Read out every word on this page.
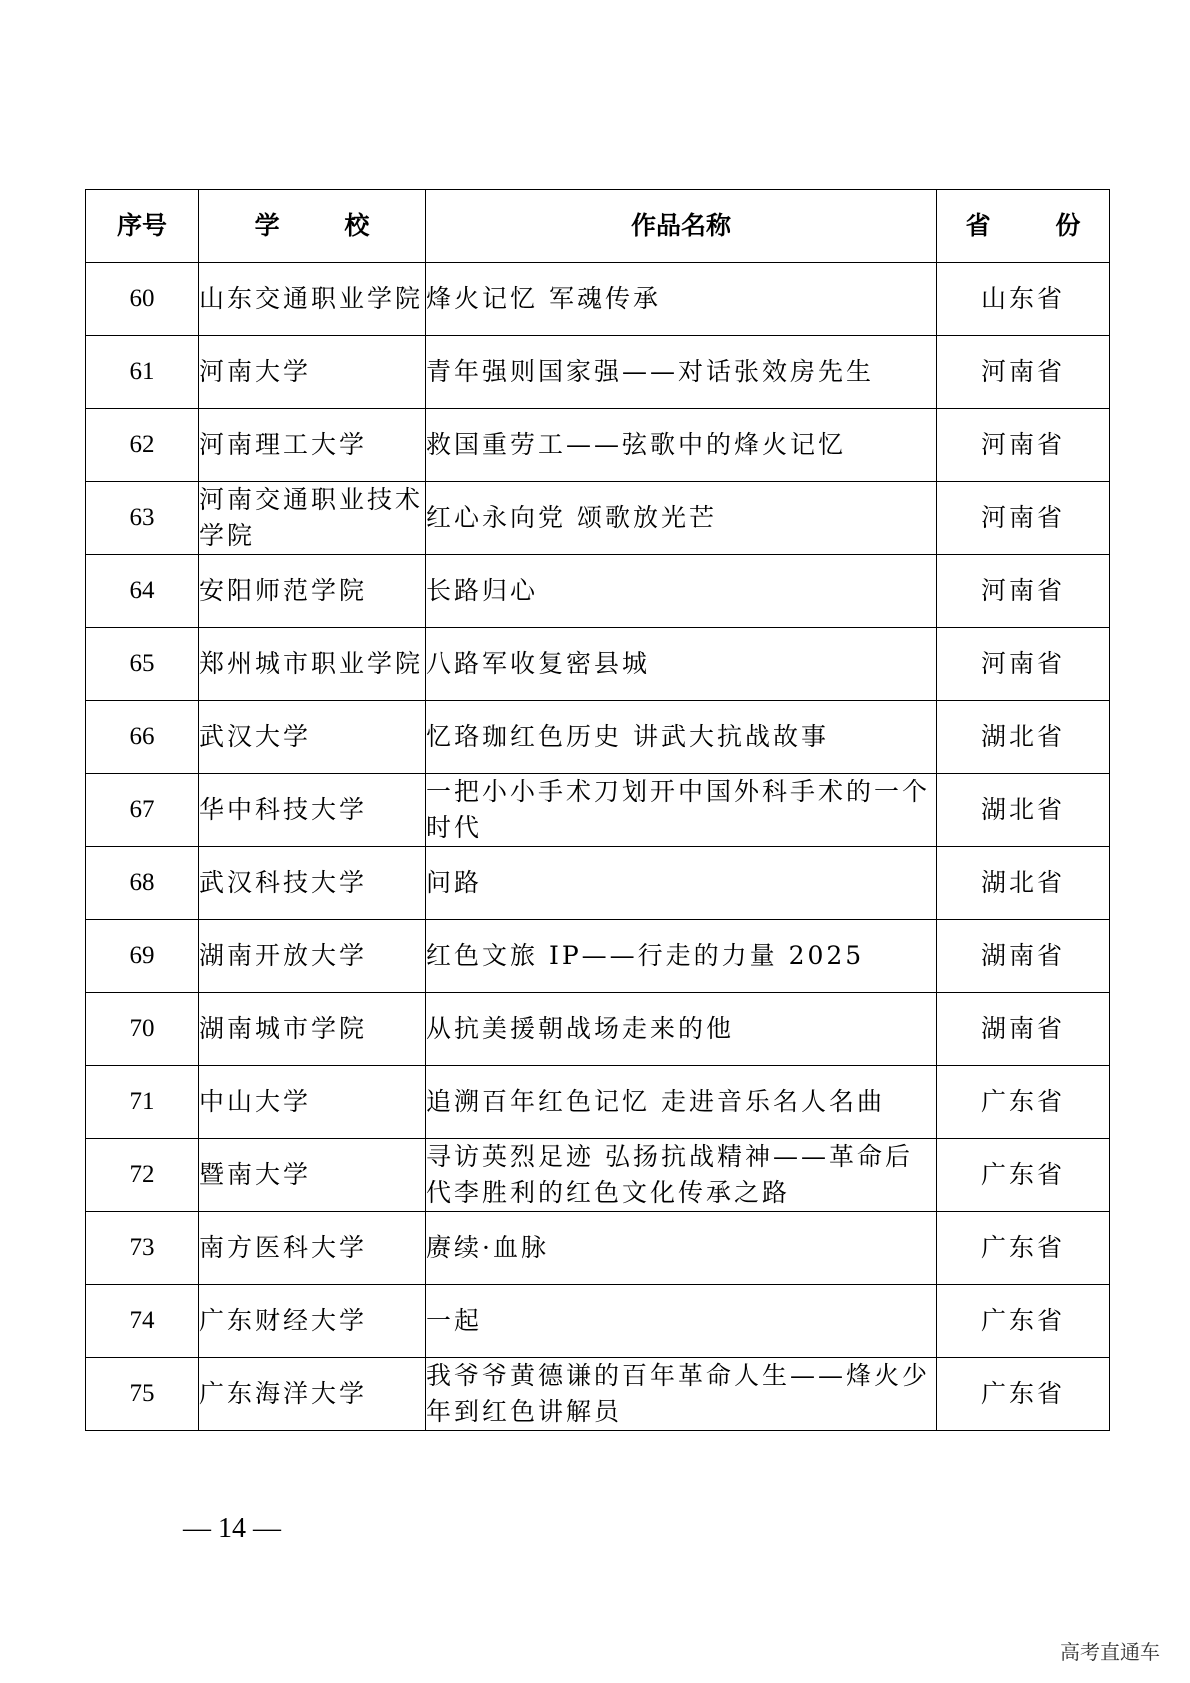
序号	学 校	作品名称	省 份
60	山东交通职业学院	烽火记忆 军魂传承	山东省
61	河南大学	青年强则国家强——对话张效房先生	河南省
62	河南理工大学	救国重劳工——弦歌中的烽火记忆	河南省
63	河南交通职业技术学院	红心永向党 颂歌放光芒	河南省
64	安阳师范学院	长路归心	河南省
65	郑州城市职业学院	八路军收复密县城	河南省
66	武汉大学	忆珞珈红色历史 讲武大抗战故事	湖北省
67	华中科技大学	一把小小手术刀划开中国外科手术的一个时代	湖北省
68	武汉科技大学	问路	湖北省
69	湖南开放大学	红色文旅 IP——行走的力量 2025	湖南省
70	湖南城市学院	从抗美援朝战场走来的他	湖南省
71	中山大学	追溯百年红色记忆 走进音乐名人名曲	广东省
72	暨南大学	寻访英烈足迹 弘扬抗战精神——革命后代李胜利的红色文化传承之路	广东省
73	南方医科大学	赓续·血脉	广东省
74	广东财经大学	一起	广东省
75	广东海洋大学	我爷爷黄德谦的百年革命人生——烽火少年到红色讲解员	广东省
— 14 —
高考直通车
